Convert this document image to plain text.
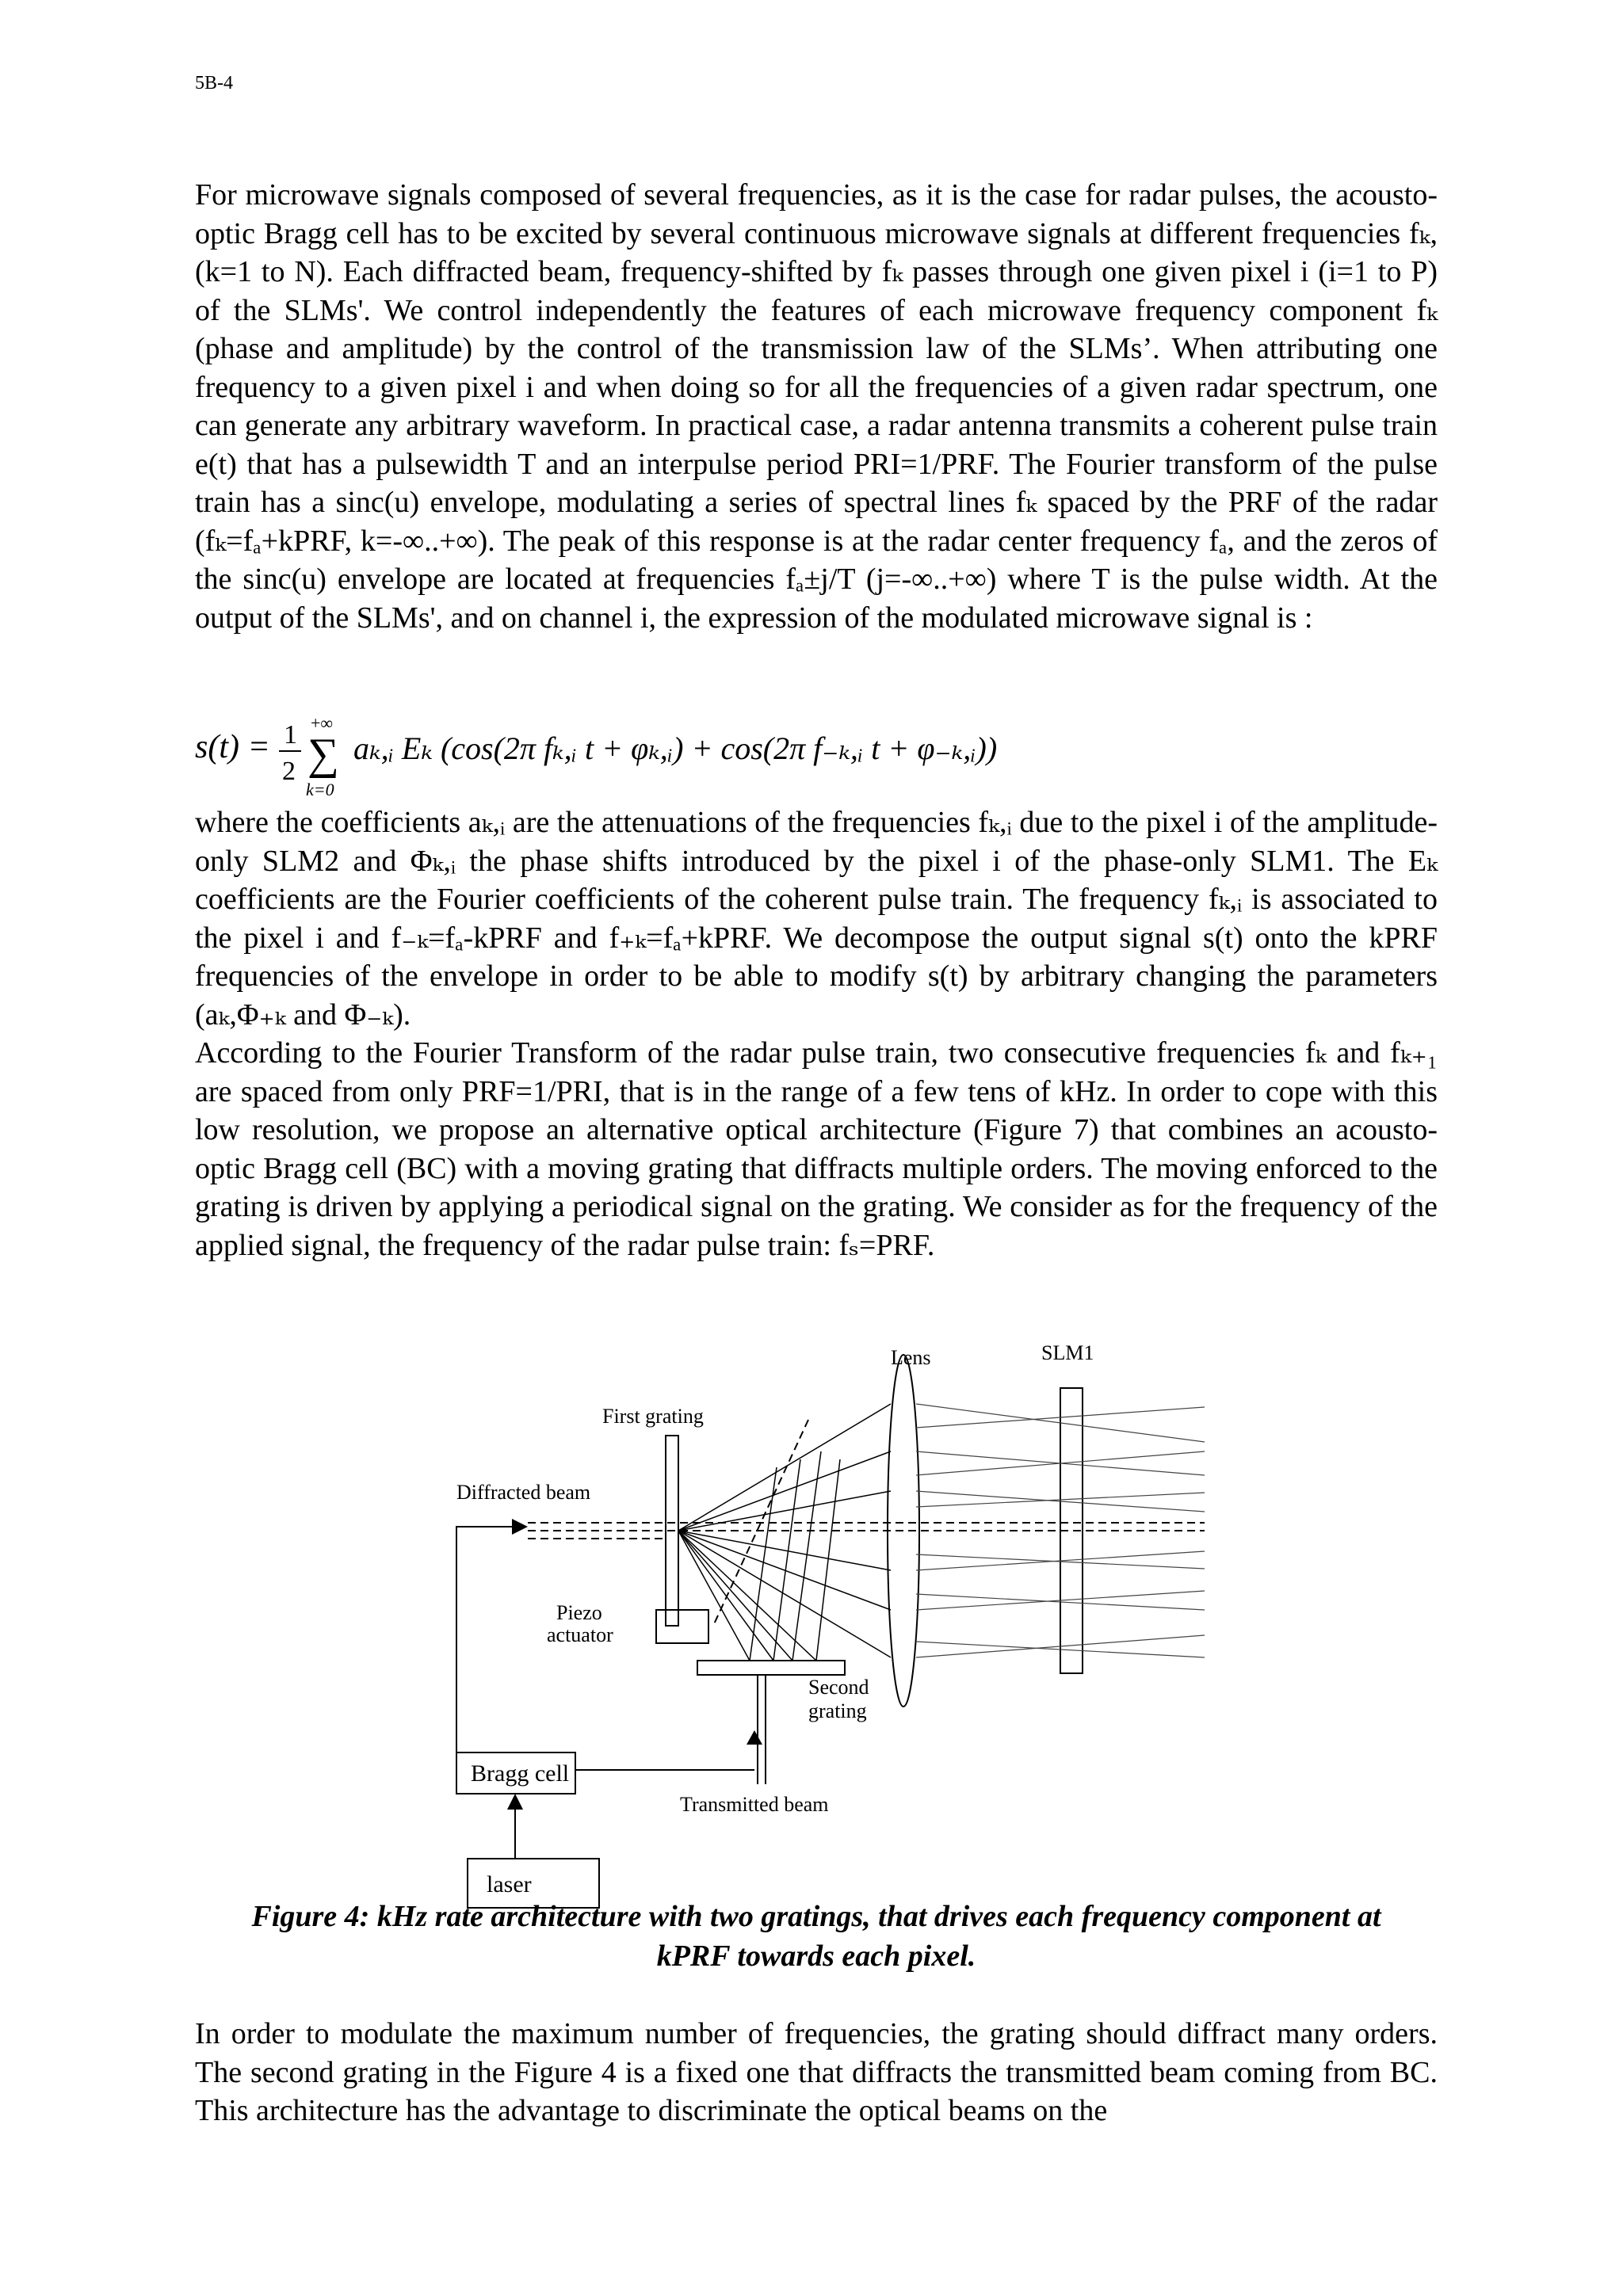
5B-4

For microwave signals composed of several frequencies, as it is the case for radar pulses, the acousto-optic Bragg cell has to be excited by several continuous microwave signals at different frequencies fₖ, (k=1 to N). Each diffracted beam, frequency-shifted by fₖ passes through one given pixel i (i=1 to P) of the SLMs'. We control independently the features of each microwave frequency component fₖ (phase and amplitude) by the control of the transmission law of the SLMs’. When attributing one frequency to a given pixel i and when doing so for all the frequencies of a given radar spectrum, one can generate any arbitrary waveform. In practical case, a radar antenna transmits a coherent pulse train e(t) that has a pulsewidth T and an interpulse period PRI=1/PRF. The Fourier transform of the pulse train has a sinc(u) envelope, modulating a series of spectral lines fₖ spaced by the PRF of the radar (fₖ=fₐ+kPRF, k=-∞..+∞). The peak of this response is at the radar center frequency fₐ, and the zeros of the sinc(u) envelope are located at frequencies fₐ±j/T (j=-∞..+∞) where T is the pulse width. At the output of the SLMs', and on channel i, the expression of the modulated microwave signal is :

s(t) = 1
2
+∞
∑
k=0
aₖ,ᵢ Eₖ (cos(2π fₖ,ᵢ t + φₖ,ᵢ) + cos(2π f₋ₖ,ᵢ t + φ₋ₖ,ᵢ))

where the coefficients aₖ,ᵢ are the attenuations of the frequencies fₖ,ᵢ due to the pixel i of the amplitude-only SLM2 and Φₖ,ᵢ the phase shifts introduced by the pixel i of the phase-only SLM1. The Eₖ coefficients are the Fourier coefficients of the coherent pulse train. The frequency fₖ,ᵢ is associated to the pixel i and f₋ₖ=fₐ-kPRF and f₊ₖ=fₐ+kPRF. We decompose the output signal s(t) onto the kPRF frequencies of the envelope in order to be able to modify s(t) by arbitrary changing the parameters (aₖ,Φ₊ₖ and Φ₋ₖ).

According to the Fourier Transform of the radar pulse train, two consecutive frequencies fₖ and fₖ₊₁ are spaced from only PRF=1/PRI, that is in the range of a few tens of kHz. In order to cope with this low resolution, we propose an alternative optical architecture (Figure 7) that combines an acousto-optic Bragg cell (BC) with a moving grating that diffracts multiple orders. The moving enforced to the grating is driven by applying a periodical signal on the grating. We consider as for the frequency of the applied signal, the frequency of the radar pulse train: fₛ=PRF.

Lens	SLM1
First grating
Diffracted beam
Piezo
actuator
Second
grating
Transmitted beam
Bragg cell
laser
Figure 4: kHz rate architecture with two gratings, that drives each frequency component at
kPRF towards each pixel.

In order to modulate the maximum number of frequencies, the grating should diffract many orders. The second grating in the Figure 4 is a fixed one that diffracts the transmitted beam coming from BC. This architecture has the advantage to discriminate the optical beams on the
